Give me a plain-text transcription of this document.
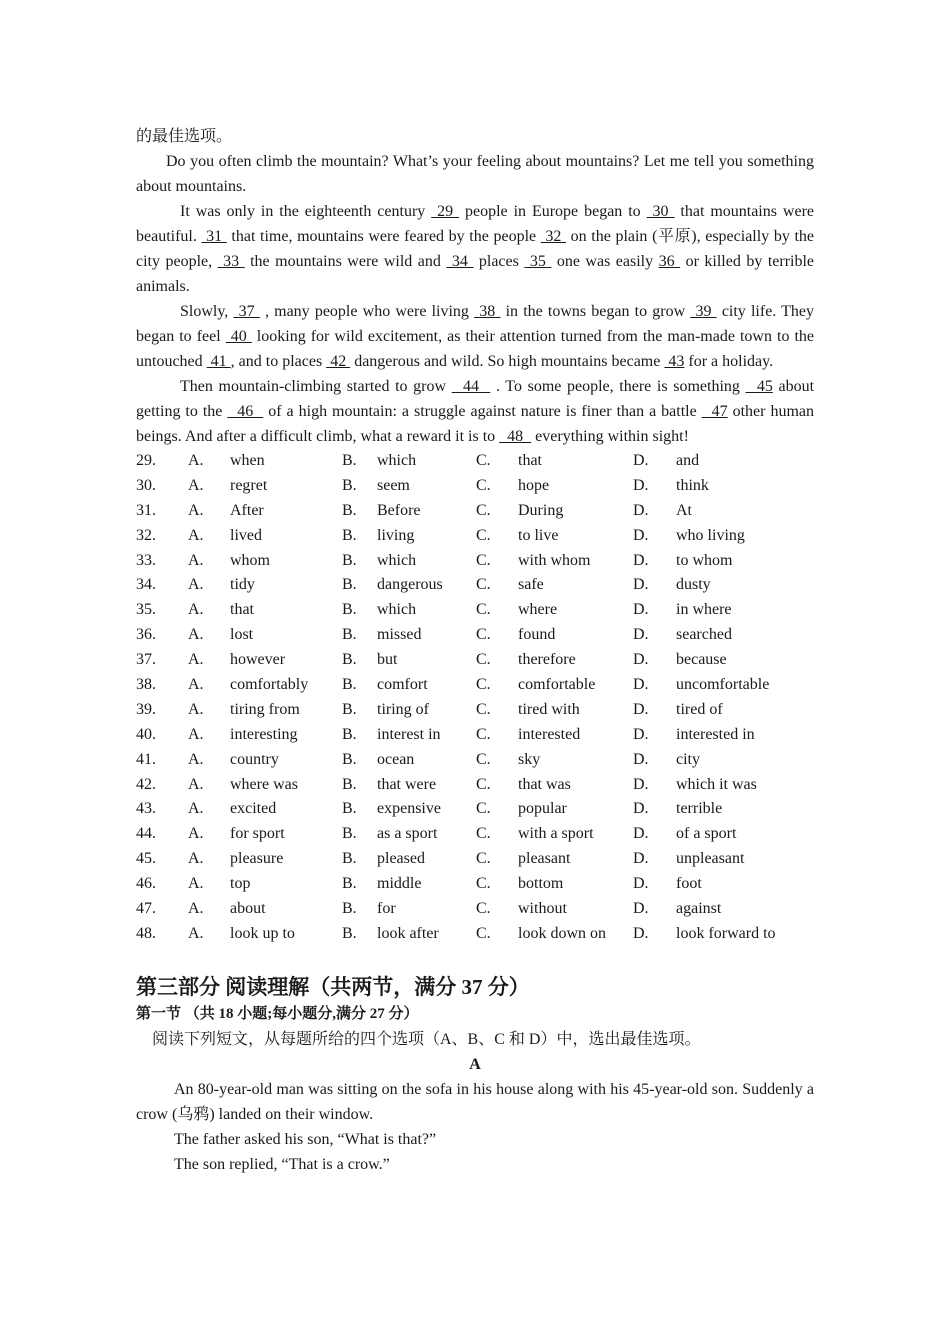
的最佳选项。

Do you often climb the mountain? What’s your feeling about mountains? Let me tell you something about mountains.

It was only in the eighteenth century  29  people in Europe began to  30  that mountains were beautiful.  31  that time, mountains were feared by the people  32  on the plain (平原), especially by the city people,  33  the mountains were wild and  34  places  35  one was easily 36  or killed by terrible animals.

Slowly,  37  , many people who were living  38  in the towns began to grow  39  city life. They began to feel  40  looking for wild excitement, as their attention turned from the man-made town to the untouched  41 , and to places  42  dangerous and wild. So high mountains became  43 for a holiday.

Then mountain-climbing started to grow   44   . To some people, there is something   45 about getting to the   46   of a high mountain: a struggle against nature is finer than a battle   47 other human beings. And after a difficult climb, what a reward it is to   48   everything within sight!

29. A. when	B. which	C. that	D. and
30. A. regret	B. seem	C. hope	D. think
31. A. After	B. Before	C. During	D. At
32. A. lived	B. living	C. to live	D. who living
33. A. whom	B. which	C. with whom	D. to whom
34. A. tidy	B. dangerous C. safe	D. dusty
35. A. that	B. which	C. where	D. in where
36. A. lost	B. missed	C. found	D. searched
37. A. however	B. but	C. therefore	D. because
38. A. comfortably B. comfort	C. comfortable D. uncomfortable
39. A. tiring from	B. tiring of	C. tired with	D. tired of
40. A. interesting	B. interest in C. interested	D. interested in
41. A. country	B. ocean	C. sky	D. city
42. A. where was	B. that were C. that was	D. which it was
43. A. excited	B. expensive C. popular	D. terrible
44. A. for sport	B. as a sport C. with a sport D. of a sport
45. A. pleasure	B. pleased	C. pleasant	D. unpleasant
46. A. top	B. middle	C. bottom	D. foot
47. A. about	B. for	C. without	D. against
48. A. look up to	B. look after C. look down on D. look forward to

第三部分 阅读理解（共两节，满分 37 分）

第一节 （共 18 小题;每小题分,满分 27 分）

阅读下列短文，从每题所给的四个选项（A、B、C 和 D）中，选出最佳选项。

A

An 80-year-old man was sitting on the sofa in his house along with his 45-year-old son. Suddenly a crow (乌鸦) landed on their window.

The father asked his son, “What is that?”

The son replied, “That is a crow.”
